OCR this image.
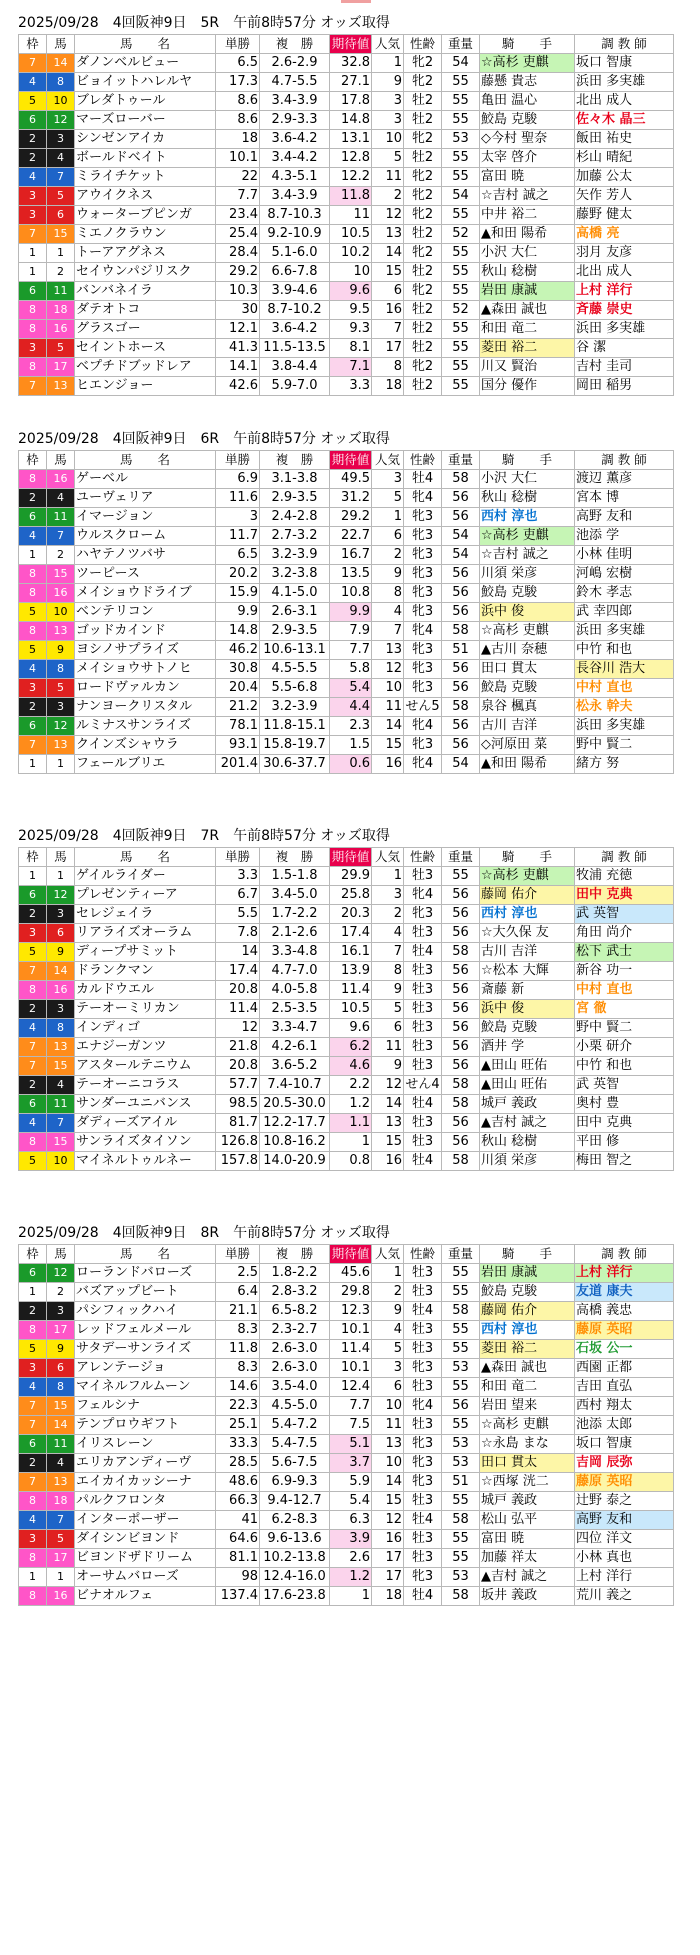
2025/09/28　4回阪神9日　5R　午前8時57分 オッズ取得
枠	馬	馬　　名	単勝	複　勝	期待値	人気	性齢	重量	騎　　手	調 教 師
7	14	ダノンベルビュー	6.5	2.6-2.9	32.8	1	牝2	54	☆高杉 吏麒	坂口 智康
4	8	ビョイットハレルヤ	17.3	4.7-5.5	27.1	9	牝2	55	藤懸 貴志	浜田 多実雄
5	10	ブレダトゥール	8.6	3.4-3.9	17.8	3	牡2	55	亀田 温心	北出 成人
6	12	マーズローバー	8.6	2.9-3.3	14.8	3	牡2	55	鮫島 克駿	佐々木 晶三
2	3	シンゼンアイカ	18	3.6-4.2	13.1	10	牝2	53	◇今村 聖奈	飯田 祐史
2	4	ボールドベイト	10.1	3.4-4.2	12.8	5	牡2	55	太宰 啓介	杉山 晴紀
4	7	ミライチケット	22	4.3-5.1	12.2	11	牝2	55	富田 暁	加藤 公太
3	5	アウイクネス	7.7	3.4-3.9	11.8	2	牝2	54	☆吉村 誠之	矢作 芳人
3	6	ウォーターブピンガ	23.4	8.7-10.3	11	12	牝2	55	中井 裕二	藤野 健太
7	15	ミエノクラウン	25.4	9.2-10.9	10.5	13	牡2	52	▲和田 陽希	高橋 亮
1	1	トーアアグネス	28.4	5.1-6.0	10.2	14	牝2	55	小沢 大仁	羽月 友彦
1	2	セイウンパジリスク	29.2	6.6-7.8	10	15	牡2	55	秋山 稔樹	北出 成人
6	11	バンバネイラ	10.3	3.9-4.6	9.6	6	牝2	55	岩田 康誠	上村 洋行
8	18	ダテオトコ	30	8.7-10.2	9.5	16	牡2	52	▲森田 誠也	斉藤 崇史
8	16	グラスゴー	12.1	3.6-4.2	9.3	7	牡2	55	和田 竜二	浜田 多実雄
3	5	セイントホース	41.3	11.5-13.5	8.1	17	牡2	55	菱田 裕二	谷 潔
8	17	ベプチドブッドレア	14.1	3.8-4.4	7.1	8	牝2	55	川又 賢治	吉村 圭司
7	13	ヒエンジョー	42.6	5.9-7.0	3.3	18	牡2	55	国分 優作	岡田 稲男
2025/09/28　4回阪神9日　6R　午前8時57分 オッズ取得
枠	馬	馬　　名	単勝	複　勝	期待値	人気	性齢	重量	騎　　手	調 教 師
8	16	ゲーベル	6.9	3.1-3.8	49.5	3	牡4	58	小沢 大仁	渡辺 薫彦
2	4	ユーヴェリア	11.6	2.9-3.5	31.2	5	牝4	56	秋山 稔樹	宮本 博
6	11	イマージョン	3	2.4-2.8	29.2	1	牝3	56	西村 淳也	高野 友和
4	7	ウルスクローム	11.7	2.7-3.2	22.7	6	牝3	54	☆高杉 吏麒	池添 学
1	2	ハヤテノツバサ	6.5	3.2-3.9	16.7	2	牝3	54	☆吉村 誠之	小林 佳明
8	15	ツーピース	20.2	3.2-3.8	13.5	9	牝3	56	川須 栄彦	河嶋 宏樹
8	16	メイショウドライブ	15.9	4.1-5.0	10.8	8	牝3	56	鮫島 克駿	鈴木 孝志
5	10	ベンテリコン	9.9	2.6-3.1	9.9	4	牝3	56	浜中 俊	武 幸四郎
8	13	ゴッドカインド	14.8	2.9-3.5	7.9	7	牝4	58	☆高杉 吏麒	浜田 多実雄
5	9	ヨシノサプライズ	46.2	10.6-13.1	7.7	13	牝3	51	▲古川 奈穂	中竹 和也
4	8	メイショウサトノヒ	30.8	4.5-5.5	5.8	12	牝3	56	田口 貫太	長谷川 浩大
3	5	ロードヴァルカン	20.4	5.5-6.8	5.4	10	牝3	56	鮫島 克駿	中村 直也
2	3	ナンヨークリスタル	21.2	3.2-3.9	4.4	11	せん5	58	泉谷 楓真	松永 幹夫
6	12	ルミナスサンライズ	78.1	11.8-15.1	2.3	14	牝4	56	古川 吉洋	浜田 多実雄
7	13	クインズシャウラ	93.1	15.8-19.7	1.5	15	牝3	56	◇河原田 菜	野中 賢二
1	1	フェールブリエ	201.4	30.6-37.7	0.6	16	牝4	54	▲和田 陽希	緒方 努
2025/09/28　4回阪神9日　7R　午前8時57分 オッズ取得
枠	馬	馬　　名	単勝	複　勝	期待値	人気	性齢	重量	騎　　手	調 教 師
1	1	ゲイルライダー	3.3	1.5-1.8	29.9	1	牡3	55	☆高杉 吏麒	牧浦 充徳
6	12	プレゼンティーア	6.7	3.4-5.0	25.8	3	牝4	56	藤岡 佑介	田中 克典
2	3	セレジェイラ	5.5	1.7-2.2	20.3	2	牝3	56	西村 淳也	武 英智
3	6	リアライズオーラム	7.8	2.1-2.6	17.4	4	牡3	56	☆大久保 友	角田 尚介
5	9	ディープサミット	14	3.3-4.8	16.1	7	牡4	58	古川 吉洋	松下 武士
7	14	ドランクマン	17.4	4.7-7.0	13.9	8	牡3	56	☆松本 大輝	新谷 功一
8	16	カルドウエル	20.8	4.0-5.8	11.4	9	牡3	56	斎藤 新	中村 直也
2	3	テーオーミリカン	11.4	2.5-3.5	10.5	5	牡3	56	浜中 俊	宮 徹
4	8	インディゴ	12	3.3-4.7	9.6	6	牡3	56	鮫島 克駿	野中 賢二
7	13	エナジーガンツ	21.8	4.2-6.1	6.2	11	牡3	56	酒井 学	小栗 研介
7	15	アスタールテニウム	20.8	3.6-5.2	4.6	9	牡3	56	▲田山 旺佑	中竹 和也
2	4	テーオーニコラス	57.7	7.4-10.7	2.2	12	せん4	58	▲田山 旺佑	武 英智
6	11	サンダーユニバンス	98.5	20.5-30.0	1.2	14	牡4	58	城戸 義政	奥村 豊
4	7	ダディーズアイル	81.7	12.2-17.7	1.1	13	牡3	56	▲吉村 誠之	田中 克典
8	15	サンライズタイソン	126.8	10.8-16.2	1	15	牡3	56	秋山 稔樹	平田 修
5	10	マイネルトゥルネー	157.8	14.0-20.9	0.8	16	牡4	58	川須 栄彦	梅田 智之
2025/09/28　4回阪神9日　8R　午前8時57分 オッズ取得
枠	馬	馬　　名	単勝	複　勝	期待値	人気	性齢	重量	騎　　手	調 教 師
6	12	ローランドバローズ	2.5	1.8-2.2	45.6	1	牡3	55	岩田 康誠	上村 洋行
1	2	バズアップビート	6.4	2.8-3.2	29.8	2	牡3	55	鮫島 克駿	友道 康夫
2	3	パシフィックハイ	21.1	6.5-8.2	12.3	9	牡4	58	藤岡 佑介	高橋 義忠
8	17	レッドフェルメール	8.3	2.3-2.7	10.1	4	牡3	55	西村 淳也	藤原 英昭
5	9	サタデーサンライズ	11.8	2.6-3.0	11.4	5	牡3	55	菱田 裕二	石坂 公一
3	6	アレンテージョ	8.3	2.6-3.0	10.1	3	牝3	53	▲森田 誠也	西園 正都
4	8	マイネルフルムーン	14.6	3.5-4.0	12.4	6	牡3	55	和田 竜二	吉田 直弘
7	15	フェルシナ	22.3	4.5-5.0	7.7	10	牝4	56	岩田 望来	西村 翔太
7	14	テンプロウギフト	25.1	5.4-7.2	7.5	11	牡3	55	☆高杉 吏麒	池添 太郎
6	11	イリスレーン	33.3	5.4-7.5	5.1	13	牝3	53	☆永島 まな	坂口 智康
2	4	エリカアンディーヴ	28.5	5.6-7.5	3.7	10	牝3	53	田口 貫太	吉岡 辰弥
7	13	エイカイカッシーナ	48.6	6.9-9.3	5.9	14	牝3	51	☆西塚 洸二	藤原 英昭
8	18	パルクフロンタ	66.3	9.4-12.7	5.4	15	牡3	55	城戸 義政	辻野 泰之
4	7	インターポーザー	41	6.2-8.3	6.3	12	牡4	58	松山 弘平	高野 友和
3	5	ダイシンビヨンド	64.6	9.6-13.6	3.9	16	牡3	55	富田 暁	四位 洋文
8	17	ビヨンドザドリーム	81.1	10.2-13.8	2.6	17	牡3	55	加藤 祥太	小林 真也
1	1	オーサムバローズ	98	12.4-16.0	1.2	17	牝3	53	▲吉村 誠之	上村 洋行
8	16	ビナオルフェ	137.4	17.6-23.8	1	18	牡4	58	坂井 義政	荒川 義之
